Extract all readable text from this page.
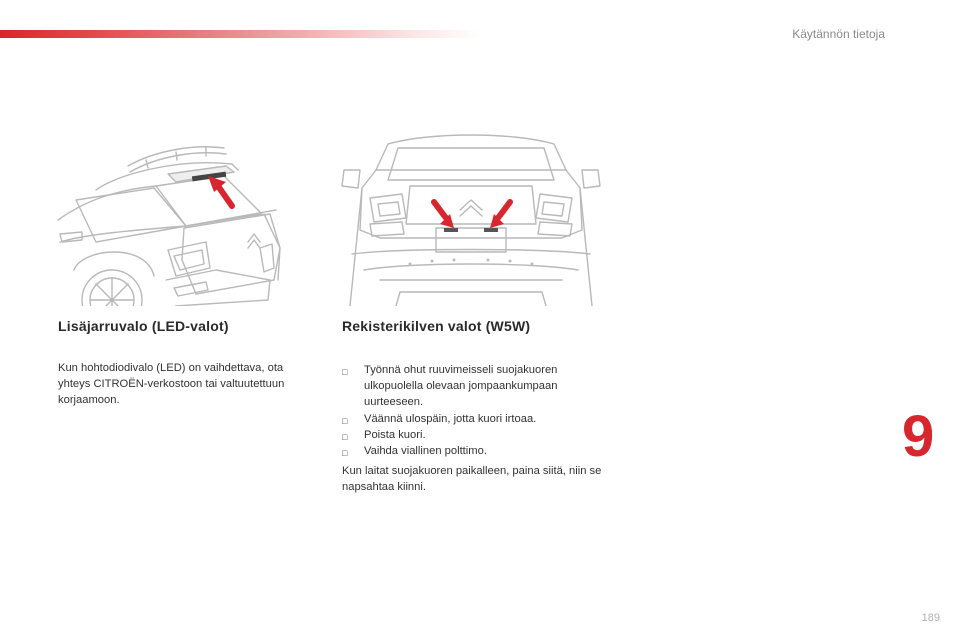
Käytännön tietoja
Lisäjarruvalo (LED-valot)

Kun hohtodiodivalo (LED) on vaihdettava, ota yhteys CITROËN-verkostoon tai valtuutettuun korjaamoon.

Rekisterikilven valot (W5W)
□ Työnnä ohut ruuvimeisseli suojakuoren ulkopuolella olevaan jompaankumpaan uurteeseen.
□ Väännä ulospäin, jotta kuori irtoaa.
□ Poista kuori.
□ Vaihda viallinen polttimo.

Kun laitat suojakuoren paikalleen, paina siitä, niin se napsahtaa kiinni.

9
189
